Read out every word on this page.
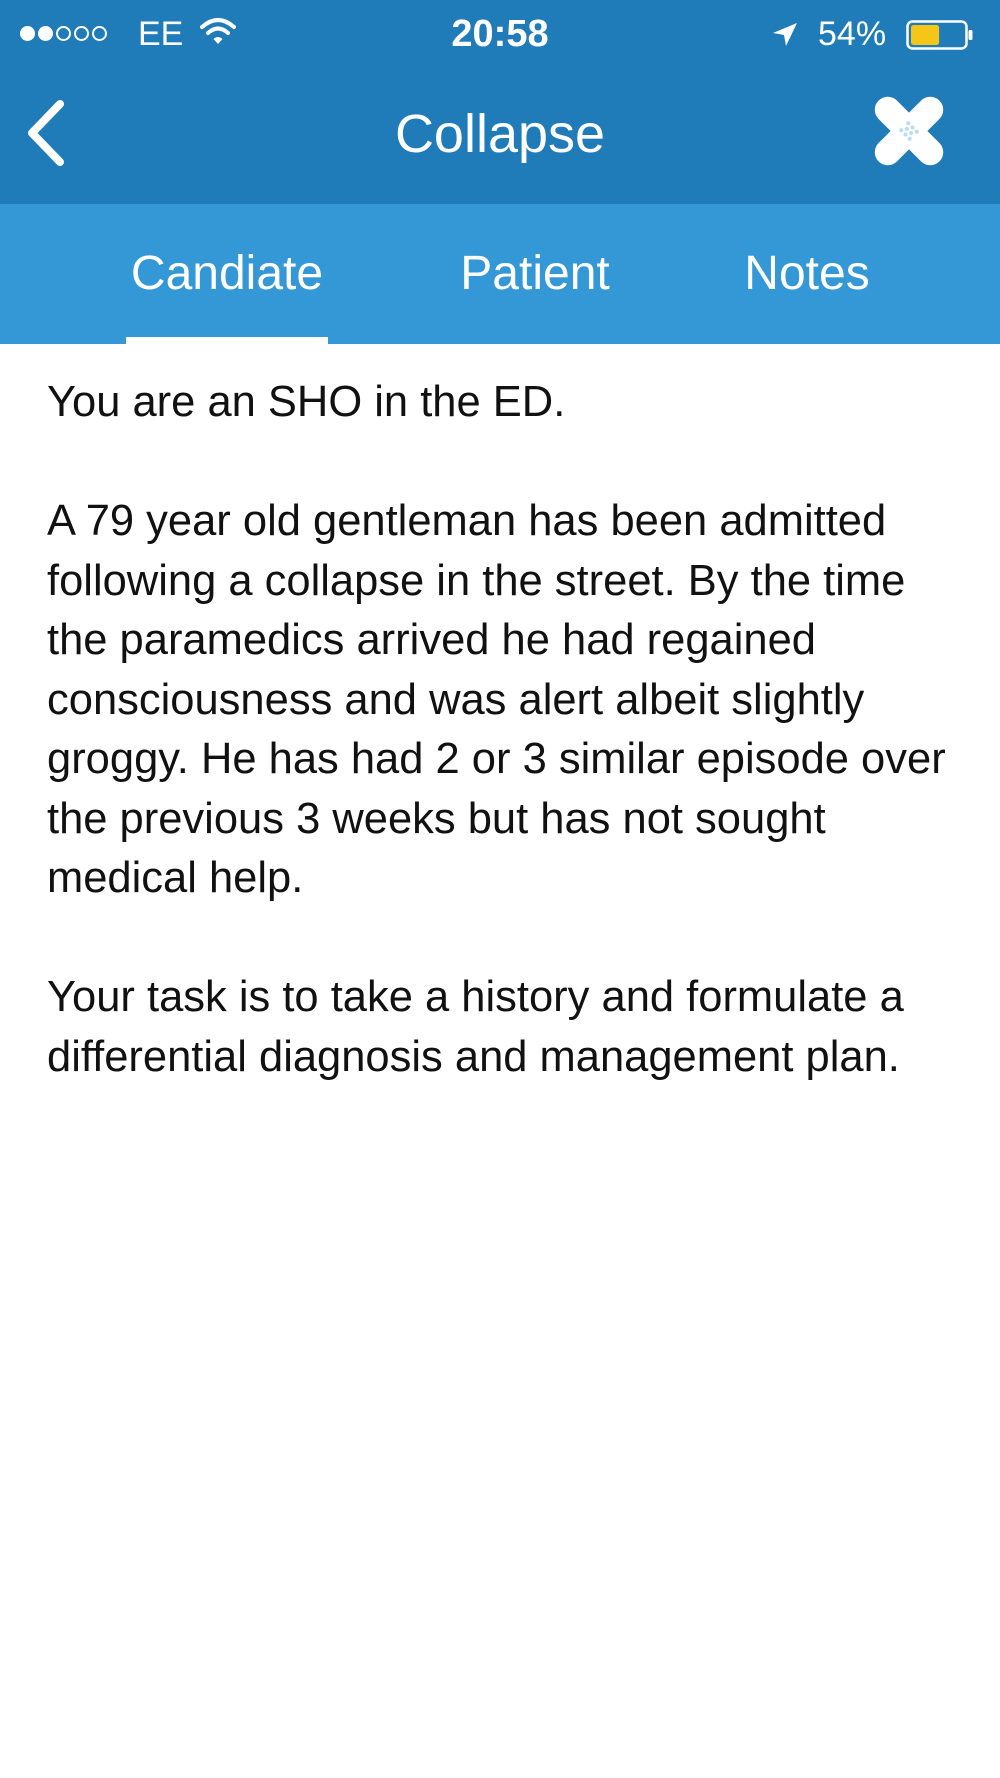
EE	20:58	54%
Collapse
Candiate	Patient	Notes

You are an SHO in the ED.

A 79 year old gentleman has been admitted following a collapse in the street. By the time the paramedics arrived he had regained consciousness and was alert albeit slightly groggy. He has had 2 or 3 similar episode over the previous 3 weeks but has not sought medical help.

Your task is to take a history and formulate a differential diagnosis and management plan.
